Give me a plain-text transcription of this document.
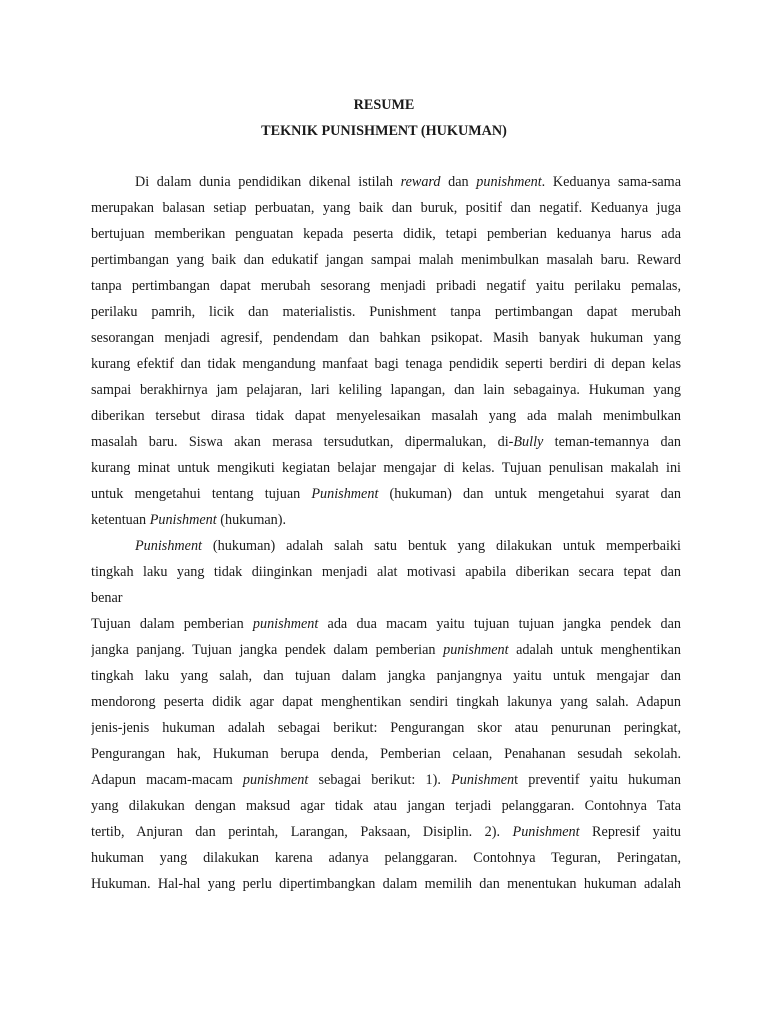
RESUME
TEKNIK PUNISHMENT (HUKUMAN)
Di dalam dunia pendidikan dikenal istilah reward dan punishment. Keduanya sama-sama
merupakan balasan setiap perbuatan, yang baik dan buruk, positif dan negatif. Keduanya juga
bertujuan memberikan penguatan kepada peserta didik, tetapi pemberian keduanya harus ada
pertimbangan yang baik dan edukatif jangan sampai malah menimbulkan masalah baru. Reward
tanpa pertimbangan dapat merubah sesorang menjadi pribadi negatif yaitu perilaku pemalas,
perilaku pamrih, licik dan materialistis. Punishment tanpa pertimbangan dapat merubah
sesorangan menjadi agresif, pendendam dan bahkan psikopat. Masih banyak hukuman yang
kurang efektif dan tidak mengandung manfaat bagi tenaga pendidik seperti berdiri di depan kelas
sampai berakhirnya jam pelajaran, lari keliling lapangan, dan lain sebagainya. Hukuman yang
diberikan tersebut dirasa tidak dapat menyelesaikan masalah yang ada malah menimbulkan
masalah baru. Siswa akan merasa tersudutkan, dipermalukan, di-Bully teman-temannya dan
kurang minat untuk mengikuti kegiatan belajar mengajar di kelas. Tujuan penulisan makalah ini
untuk mengetahui tentang tujuan Punishment (hukuman) dan untuk mengetahui syarat dan
ketentuan Punishment (hukuman).
Punishment (hukuman) adalah salah satu bentuk yang dilakukan untuk memperbaiki
tingkah laku yang tidak diinginkan menjadi alat motivasi apabila diberikan secara tepat dan
benar
Tujuan dalam pemberian punishment ada dua macam yaitu tujuan tujuan jangka pendek dan
jangka panjang. Tujuan jangka pendek dalam pemberian punishment adalah untuk menghentikan
tingkah laku yang salah, dan tujuan dalam jangka panjangnya yaitu untuk mengajar dan
mendorong peserta didik agar dapat menghentikan sendiri tingkah lakunya yang salah. Adapun
jenis-jenis hukuman adalah sebagai berikut: Pengurangan skor atau penurunan peringkat,
Pengurangan hak, Hukuman berupa denda, Pemberian celaan, Penahanan sesudah sekolah.
Adapun macam-macam punishment sebagai berikut: 1). Punishment preventif yaitu hukuman
yang dilakukan dengan maksud agar tidak atau jangan terjadi pelanggaran. Contohnya Tata
tertib, Anjuran dan perintah, Larangan, Paksaan, Disiplin. 2). Punishment Represif yaitu
hukuman yang dilakukan karena adanya pelanggaran. Contohnya Teguran, Peringatan,
Hukuman. Hal-hal yang perlu dipertimbangkan dalam memilih dan menentukan hukuman adalah
